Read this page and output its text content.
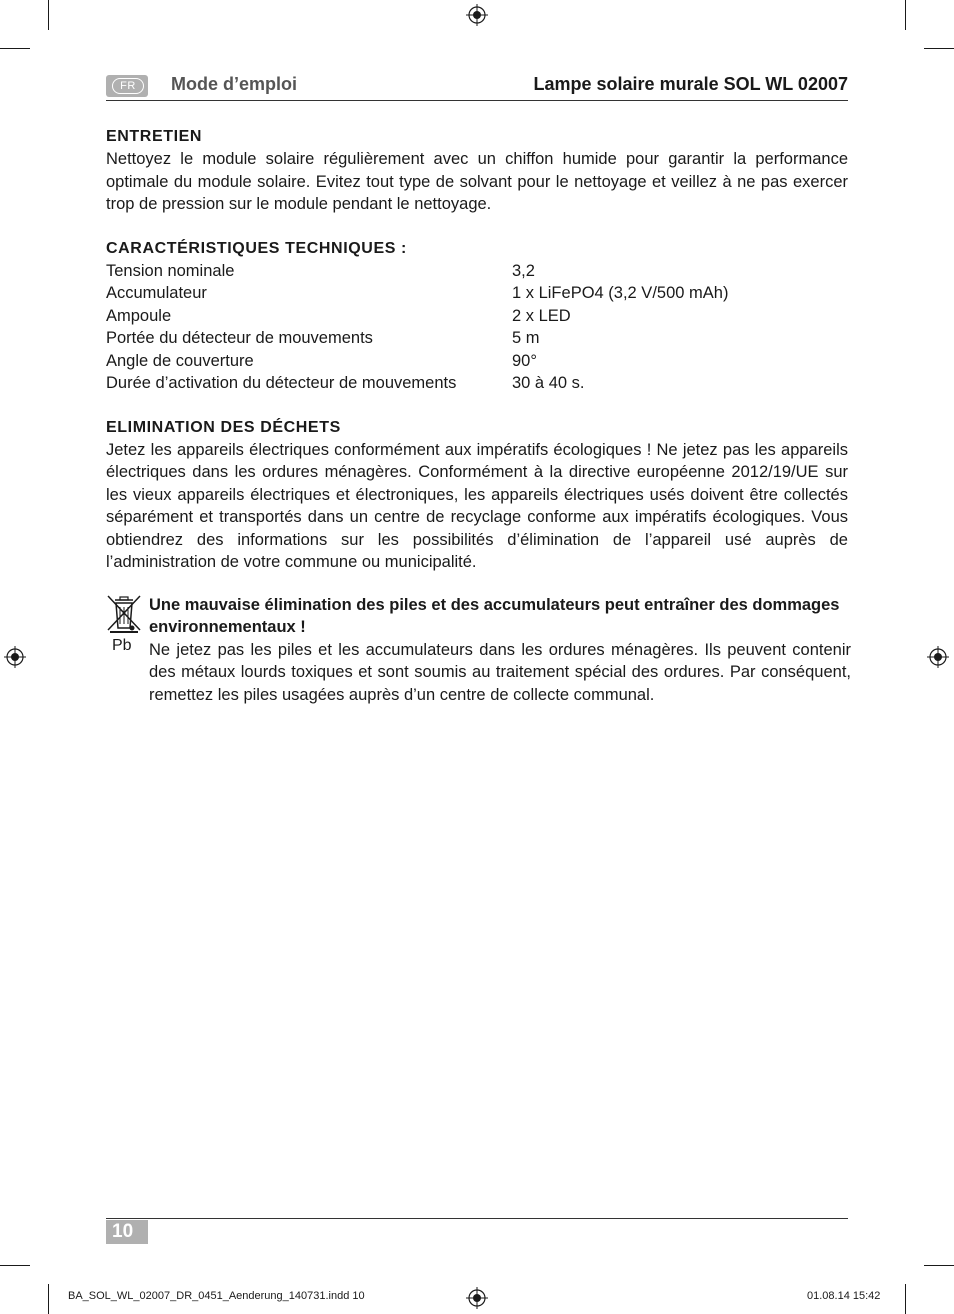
FR	Mode d’emploi	Lampe solaire murale SOL WL 02007
ENTRETIEN

Nettoyez le module solaire régulièrement avec un chiffon humide pour garantir la performance optimale du module solaire. Evitez tout type de solvant pour le nettoyage et veillez à ne pas exercer trop de pression sur le module pendant le nettoyage.

CARACTÉRISTIQUES TECHNIQUES :
Tension nominale	3,2
Accumulateur	1 x LiFePO4 (3,2 V/500 mAh)
Ampoule	2 x LED
Portée du détecteur de mouvements	5 m
Angle de couverture	90°
Durée d’activation du détecteur de mouvements	30 à 40 s.
ELIMINATION DES DÉCHETS

Jetez les appareils électriques conformément aux impératifs écologiques ! Ne jetez pas les appareils électriques dans les ordures ménagères. Conformément à la directive européenne 2012/19/UE sur les vieux appareils électriques et électroniques, les appareils électriques usés doivent être collectés séparément et transportés dans un centre de recyclage conforme aux impératifs écologiques. Vous obtiendrez des informations sur les possibilités d’élimination de l’appareil usé auprès de l’administration de votre commune ou municipalité.

Pb

Une mauvaise élimination des piles et des accumulateurs peut entraîner des dommages environnementaux !

Ne jetez pas les piles et les accumulateurs dans les ordures ménagères. Ils peuvent contenir des métaux lourds toxiques et sont soumis au traitement spécial des ordures. Par conséquent, remettez les piles usagées auprès d’un centre de collecte communal.

10
BA_SOL_WL_02007_DR_0451_Aenderung_140731.indd 10	01.08.14 15:42
